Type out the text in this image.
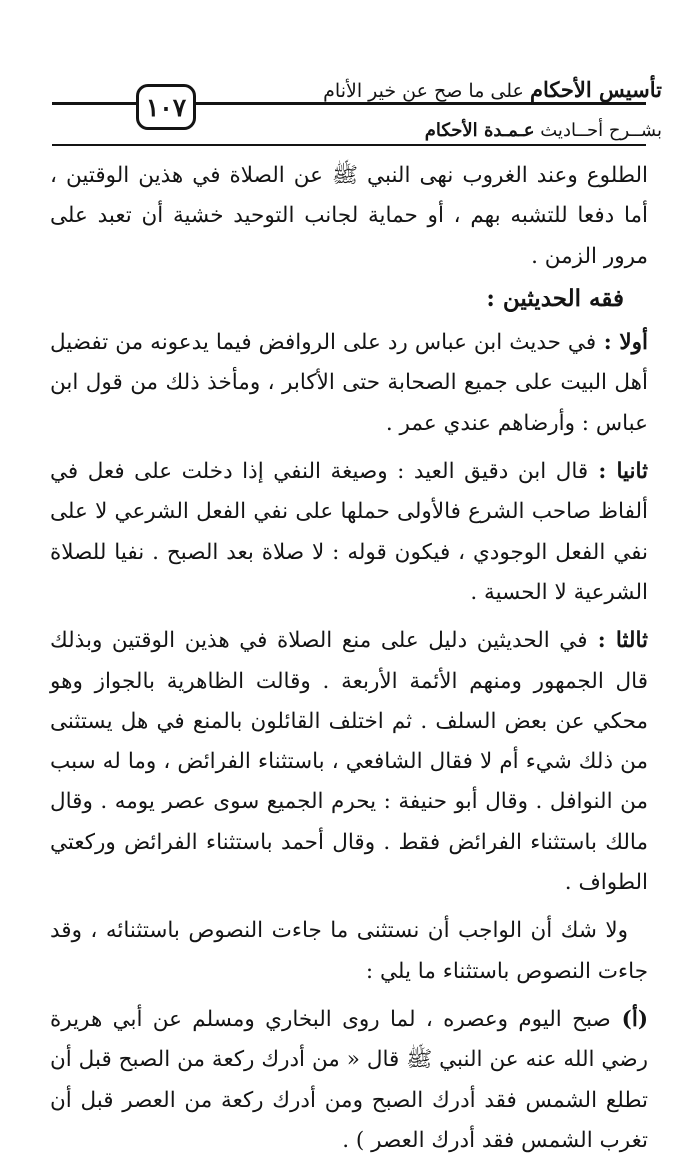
تأسيس الأحكام على ما صح عن خير الأنام
١٠٧
بشــرح أحــاديث عـمـدة الأحكام

الطلوع وعند الغروب نهى النبي ﷺ عن الصلاة في هذين الوقتين ، أما دفعا للتشبه بهم ، أو حماية لجانب التوحيد خشية أن تعبد على مرور الزمن .

فقه الحديثين :

أولا : في حديث ابن عباس رد على الروافض فيما يدعونه من تفضيل أهل البيت على جميع الصحابة حتى الأكابر ، ومأخذ ذلك من قول ابن عباس : وأرضاهم عندي عمر .

ثانيا : قال ابن دقيق العيد : وصيغة النفي إذا دخلت على فعل في ألفاظ صاحب الشرع فالأولى حملها على نفي الفعل الشرعي لا على نفي الفعل الوجودي ، فيكون قوله : لا صلاة بعد الصبح . نفيا للصلاة الشرعية لا الحسية .

ثالثا : في الحديثين دليل على منع الصلاة في هذين الوقتين وبذلك قال الجمهور ومنهم الأئمة الأربعة . وقالت الظاهرية بالجواز وهو محكي عن بعض السلف . ثم اختلف القائلون بالمنع في هل يستثنى من ذلك شيء أم لا فقال الشافعي ، باستثناء الفرائض ، وما له سبب من النوافل . وقال أبو حنيفة : يحرم الجميع سوى عصر يومه . وقال مالك باستثناء الفرائض فقط . وقال أحمد باستثناء الفرائض وركعتي الطواف .

ولا شك أن الواجب أن نستثنى ما جاءت النصوص باستثنائه ، وقد جاءت النصوص باستثناء ما يلي :

(أ) صبح اليوم وعصره ، لما روى البخاري ومسلم عن أبي هريرة رضي الله عنه عن النبي ﷺ قال « من أدرك ركعة من الصبح قبل أن تطلع الشمس فقد أدرك الصبح ومن أدرك ركعة من العصر قبل أن تغرب الشمس فقد أدرك العصر ) .
